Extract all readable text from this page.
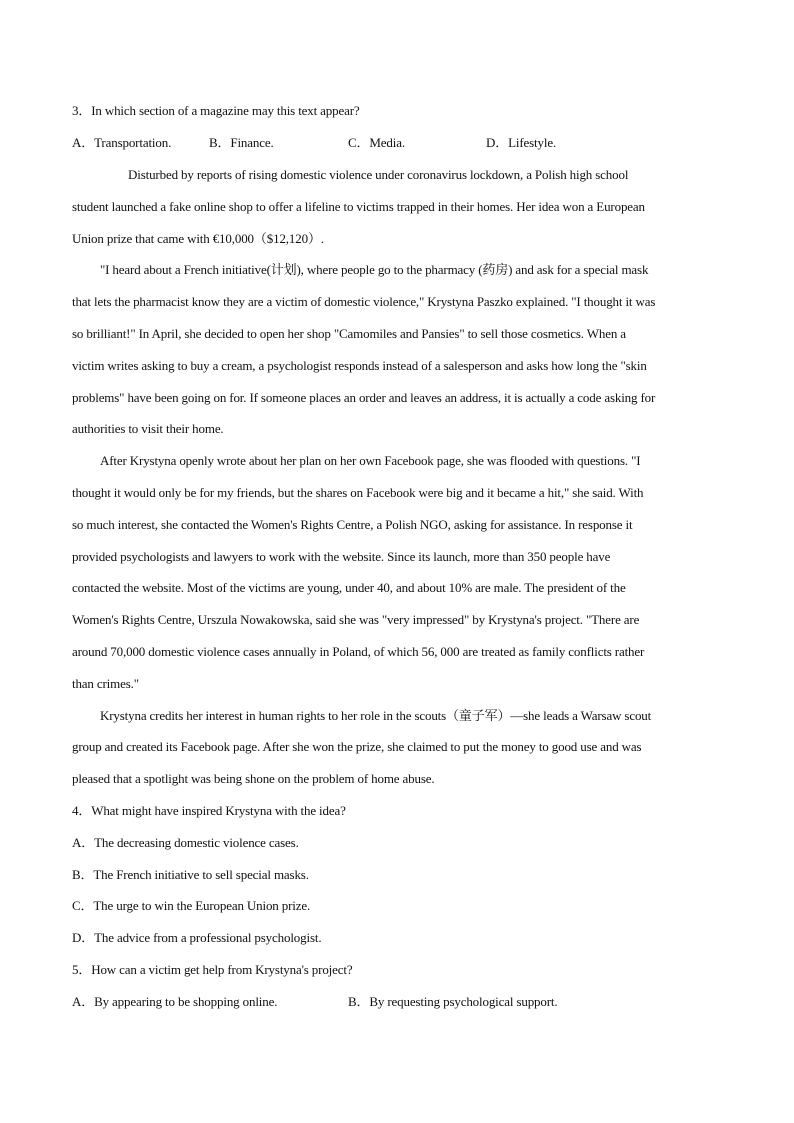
3．In which section of a magazine may this text appear?
A．Transportation.	B．Finance.	C．Media.	D．Lifestyle.
Disturbed by reports of rising domestic violence under coronavirus lockdown, a Polish high school
student launched a fake online shop to offer a lifeline to victims trapped in their homes. Her idea won a European
Union prize that came with €10,000（$12,120）.
"I heard about a French initiative(计划), where people go to the pharmacy (药房) and ask for a special mask
that lets the pharmacist know they are a victim of domestic violence," Krystyna Paszko explained. "I thought it was
so brilliant!" In April, she decided to open her shop "Camomiles and Pansies" to sell those cosmetics. When a
victim writes asking to buy a cream, a psychologist responds instead of a salesperson and asks how long the "skin
problems" have been going on for. If someone places an order and leaves an address, it is actually a code asking for
authorities to visit their home.
After Krystyna openly wrote about her plan on her own Facebook page, she was flooded with questions. "I
thought it would only be for my friends, but the shares on Facebook were big and it became a hit," she said. With
so much interest, she contacted the Women's Rights Centre, a Polish NGO, asking for assistance. In response it
provided psychologists and lawyers to work with the website. Since its launch, more than 350 people have
contacted the website. Most of the victims are young, under 40, and about 10% are male. The president of the
Women's Rights Centre, Urszula Nowakowska, said she was "very impressed" by Krystyna's project. "There are
around 70,000 domestic violence cases annually in Poland, of which 56, 000 are treated as family conflicts rather
than crimes."
Krystyna credits her interest in human rights to her role in the scouts（童子军）—she leads a Warsaw scout
group and created its Facebook page. After she won the prize, she claimed to put the money to good use and was
pleased that a spotlight was being shone on the problem of home abuse.
4．What might have inspired Krystyna with the idea?
A．The decreasing domestic violence cases.
B．The French initiative to sell special masks.
C．The urge to win the European Union prize.
D．The advice from a professional psychologist.
5．How can a victim get help from Krystyna's project?
A．By appearing to be shopping online.	B．By requesting psychological support.
